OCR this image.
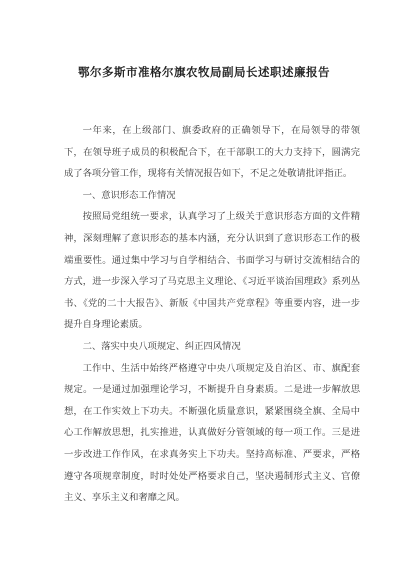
鄂尔多斯市准格尔旗农牧局副局长述职述廉报告

一年来，在上级部门、旗委政府的正确领导下，在局领导的带领下，在领导班子成员的积极配合下，在干部职工的大力支持下，圆满完成了各项分管工作，现将有关情况报告如下，不足之处敬请批评指正。

一、意识形态工作情况

按照局党组统一要求，认真学习了上级关于意识形态方面的文件精神，深刻理解了意识形态的基本内涵，充分认识到了意识形态工作的极端重要性。通过集中学习与自学相结合、书面学习与研讨交流相结合的方式，进一步深入学习了马克思主义理论、《习近平谈治国理政》系列丛书、《党的二十大报告》、新版《中国共产党章程》等重要内容，进一步提升自身理论素质。

二、落实中央八项规定、纠正四风情况

工作中、生活中始终严格遵守中央八项规定及自治区、市、旗配套规定。一是通过加强理论学习，不断提升自身素质。二是进一步解放思想，在工作实效上下功夫。不断强化质量意识，紧紧围绕全旗、全局中心工作解放思想，扎实推进，认真做好分管领域的每一项工作。三是进一步改进工作作风，在求真务实上下功夫。坚持高标准、严要求，严格遵守各项规章制度，时时处处严格要求自己，坚决遏制形式主义、官僚主义、享乐主义和奢靡之风。
